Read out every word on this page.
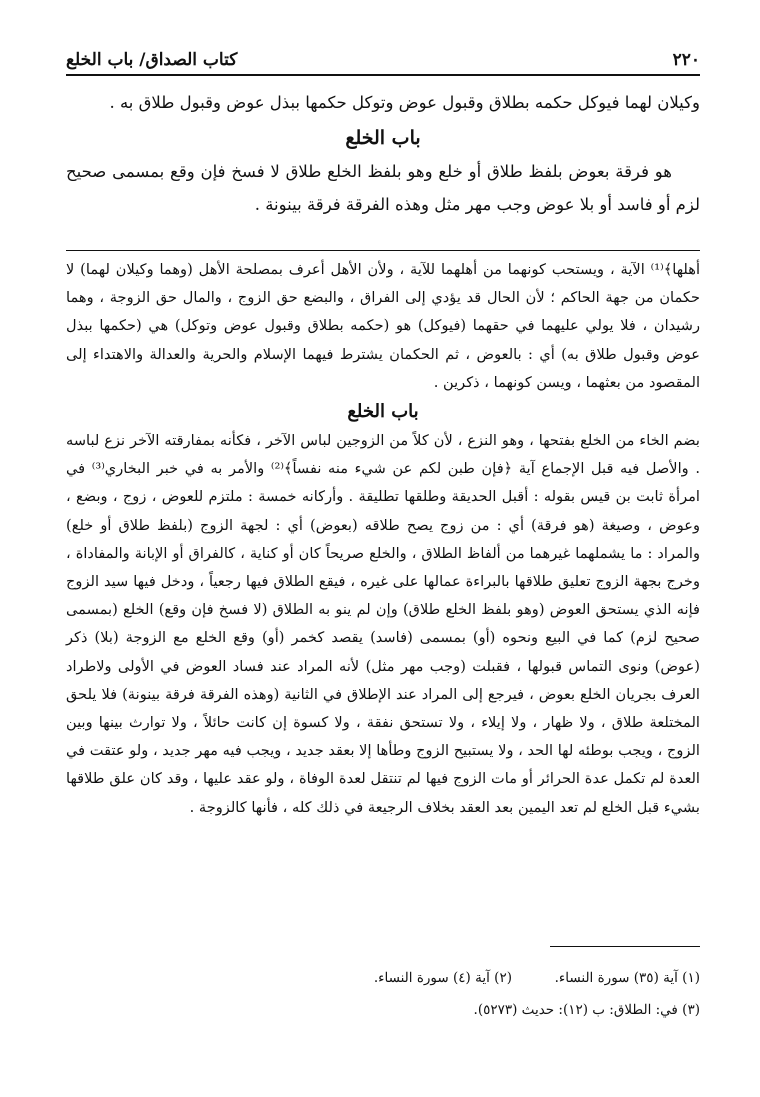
كتاب الصداق/ باب الخلع	٢٢٠

وكيلان لهما فيوكل حكمه بطلاق وقبول عوض وتوكل حكمها ببذل عوض وقبول طلاق به .

باب الخلع

هو فرقة بعوض بلفظ طلاق أو خلع وهو بلفظ الخلع طلاق لا فسخ فإن وقع بمسمى صحيح لزم أو فاسد أو بلا عوض وجب مهر مثل وهذه الفرقة فرقة بينونة .

أهلها﴾⁽¹⁾ الآية ، ويستحب كونهما من أهلهما للآية ، ولأن الأهل أعرف بمصلحة الأهل (وهما وكيلان لهما) لا حكمان من جهة الحاكم ؛ لأن الحال قد يؤدي إلى الفراق ، والبضع حق الزوج ، والمال حق الزوجة ، وهما رشيدان ، فلا يولي عليهما في حقهما (فيوكل) هو (حكمه بطلاق وقبول عوض وتوكل) هي (حكمها ببذل عوض وقبول طلاق به) أي : بالعوض ، ثم الحكمان يشترط فيهما الإسلام والحرية والعدالة والاهتداء إلى المقصود من بعثهما ، ويسن كونهما ، ذكرين .

باب الخلع

بضم الخاء من الخلع بفتحها ، وهو النزع ، لأن كلاً من الزوجين لباس الآخر ، فكأنه بمفارقته الآخر نزع لباسه . والأصل فيه قبل الإجماع آية ﴿فإن طبن لكم عن شيء منه نفساً﴾⁽²⁾ والأمر به في خبر البخاري⁽³⁾ في امرأة ثابت بن قيس بقوله : أقبل الحديقة وطلقها تطليقة . وأركانه خمسة : ملتزم للعوض ، زوج ، وبضع ، وعوض ، وصيغة (هو فرقة) أي : من زوج يصح طلاقه (بعوض) أي : لجهة الزوج (بلفظ طلاق أو خلع) والمراد : ما يشملهما غيرهما من ألفاظ الطلاق ، والخلع صريحاً كان أو كناية ، كالفراق أو الإبانة والمفاداة ، وخرج بجهة الزوج تعليق طلاقها بالبراءة عمالها على غيره ، فيقع الطلاق فيها رجعياً ، ودخل فيها سيد الزوج فإنه الذي يستحق العوض (وهو بلفظ الخلع طلاق) وإن لم ينو به الطلاق (لا فسخ فإن وقع) الخلع (بمسمى صحيح لزم) كما في البيع ونحوه (أو) بمسمى (فاسد) يقصد كخمر (أو) وقع الخلع مع الزوجة (بلا) ذكر (عوض) ونوى التماس قبولها ، فقبلت (وجب مهر مثل) لأنه المراد عند فساد العوض في الأولى ولاطراد العرف بجريان الخلع بعوض ، فيرجع إلى المراد عند الإطلاق في الثانية (وهذه الفرقة فرقة بينونة) فلا يلحق المختلعة طلاق ، ولا ظهار ، ولا إيلاء ، ولا تستحق نفقة ، ولا كسوة إن كانت حائلاً ، ولا توارث بينها وبين الزوج ، ويجب بوطئه لها الحد ، ولا يستبيح الزوج وطأها إلا بعقد جديد ، ويجب فيه مهر جديد ، ولو عتقت في العدة لم تكمل عدة الحرائر أو مات الزوج فيها لم تنتقل لعدة الوفاة ، ولو عقد عليها ، وقد كان علق طلاقها بشيء قبل الخلع لم تعد اليمين بعد العقد بخلاف الرجيعة في ذلك كله ، فأنها كالزوجة .

(١) آية (٣٥) سورة النساء.  (٢) آية (٤) سورة النساء.

(٣) في: الطلاق: ب (١٢): حديث (٥٢٧٣).
